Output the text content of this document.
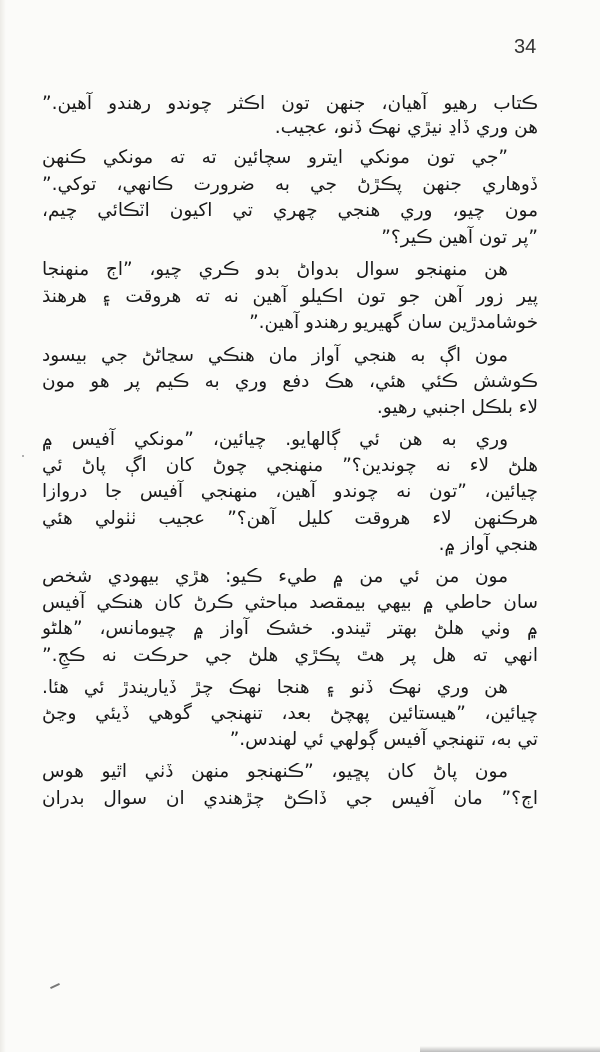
34
ڪتاب رهيو آهيان، جنهن تون اڪثر چوندو رهندو آهين.”
هن وري ڏاڍ نيڙي نهڪ ڏنو، عجيب.
”جي تون مونکي ايترو سچائين ته ته مونکي ڪنهن
ڏوهاري جنهن پڪڙڻ جي به ضرورت ڪانهي، توکي.”
مون چيو، وري هنجي چهري تي اکيون اٽڪائي چيم،
”پر تون آهين ڪير؟”
هن منهنجو سوال بدواڻ بدو ڪري چيو، ”اڄ منهنجا
پير زور آهن جو تون اڪيلو آهين نه ته هروقت ۽ هرهنڌ
خوشامدڙين سان گهيريو رهندو آهين.”
مون اڳ به هنجي آواز مان هنڪي سڃاڻڻ جي بيسود
ڪوشش ڪئي هئي، هڪ دفع وري به ڪيم پر هو مون
لاء بلڪل اجنبي رهيو.
وري به هن ئي ڳالهايو. چيائين، ”مونکي آفيس ۾
هلڻ لاء نه چوندين؟” منهنجي چوڻ کان اڳ پاڻ ئي
چيائين، ”تون نه چوندو آهين، منهنجي آفيس جا دروازا
هرڪنهن لاء هروقت کليل آهن؟” عجيب ٺٺولي هئي
هنجي آواز ۾.
مون من ئي من ۾ طيء ڪيو: هڙي بيهودي شخص
سان حاطي ۾ بيهي بيمقصد مباحثي ڪرڻ کان هنڪي آفيس
۾ وٺي هلڻ بهتر ٿيندو. خشڪ آواز ۾ چيومانس، ”هلڻو
انهي ته هل پر هٿ پڪڙي هلڻ جي حرڪت نه ڪجِ.”
هن وري نهڪ ڏنو ۽ هنجا نهڪ چڙ ڏياريندڙ ئي هئا.
چيائين، ”هيستائين پهچڻ بعد، تنهنجي گوهي ڏيئي وڃڻ
تي به، تنهنجي آفيس ڳولهي ئي لهندس.”
مون پاڻ کان پڇيو، ”ڪنهنجو منهن ڏٺي اٿيو هوس
اڄ؟” مان آفيس جي ڏاڪڻ چڙهندي ان سوال بدران
